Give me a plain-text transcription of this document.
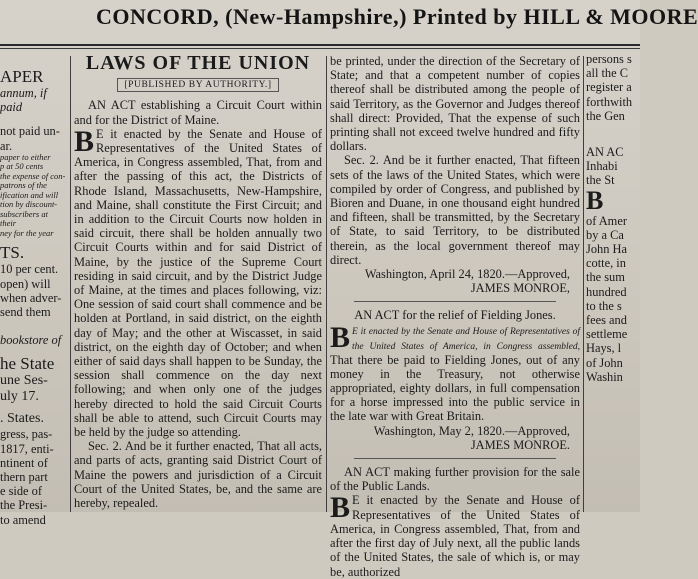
CONCORD, (New-Hampshire,) Printed by HILL & MOORE
APER
annum, if paid
not paid un-
ar.
paper to either
p at 50 cents
the expense of con-
patrons of the
ification and will
tion by discount-
subscribers at their
ney for the year
TS.
10 per cent.
open) will
when adver-
send them
bookstore of
he State
une Ses-
uly 17.
. States.
gress, pas-
1817, enti-
ntinent of
thern part
e side of
the Presi-
to amend
LAWS OF THE UNION
[PUBLISHED BY AUTHORITY.]

AN ACT establishing a Circuit Court within and for the District of Maine.

B E it enacted by the Senate and House of Representatives of the United States of America, in Congress assembled, That, from and after the passing of this act, the Districts of Rhode Island, Massachusetts, New-Hampshire, and Maine, shall constitute the First Circuit; and in addition to the Circuit Courts now holden in said circuit, there shall be holden annually two Circuit Courts within and for said District of Maine, by the justice of the Supreme Court residing in said circuit, and by the District Judge of Maine, at the times and places following, viz: One session of said court shall commence and be holden at Portland, in said district, on the eighth day of May; and the other at Wiscasset, in said district, on the eighth day of October; and when either of said days shall happen to be Sunday, the session shall commence on the day next following; and when only one of the judges hereby directed to hold the said Circuit Courts shall be able to attend, such Circuit Courts may be held by the judge so attending.

Sec. 2. And be it further enacted, That all acts, and parts of acts, granting said District Court of Maine the powers and jurisdiction of a Circuit Court of the United States, be, and the same are hereby, repealed.

be printed, under the direction of the Secretary of State; and that a competent number of copies thereof shall be distributed among the people of said Territory, as the Governor and Judges thereof shall direct: Provided, That the expense of such printing shall not exceed twelve hundred and fifty dollars.

Sec. 2. And be it further enacted, That fifteen sets of the laws of the United States, which were compiled by order of Congress, and published by Bioren and Duane, in one thousand eight hundred and fifteen, shall be transmitted, by the Secretary of State, to said Territory, to be distributed therein, as the local government thereof may direct.

Washington, April 24, 1820.—Approved,

JAMES MONROE,

AN ACT for the relief of Fielding Jones.

B E it enacted by the Senate and House of Representatives of the United States of America, in Congress assembled, That there be paid to Fielding Jones, out of any money in the Treasury, not otherwise appropriated, eighty dollars, in full compensation for a horse impressed into the public service in the late war with Great Britain.

Washington, May 2, 1820.—Approved,

JAMES MONROE.

AN ACT making further provision for the sale of the Public Lands.

B E it enacted by the Senate and House of Representatives of the United States of America, in Congress assembled, That, from and after the first day of July next, all the public lands of the United States, the sale of which is, or may be, authorized

persons s
all the C
register a
forthwith
the Gen
AN AC
Inhabi
the St
B
of Amer
by a Ca
John Ha
cotte, in
the sum
hundred
to the s
fees and
settleme
Hays, l
of John
Washin
